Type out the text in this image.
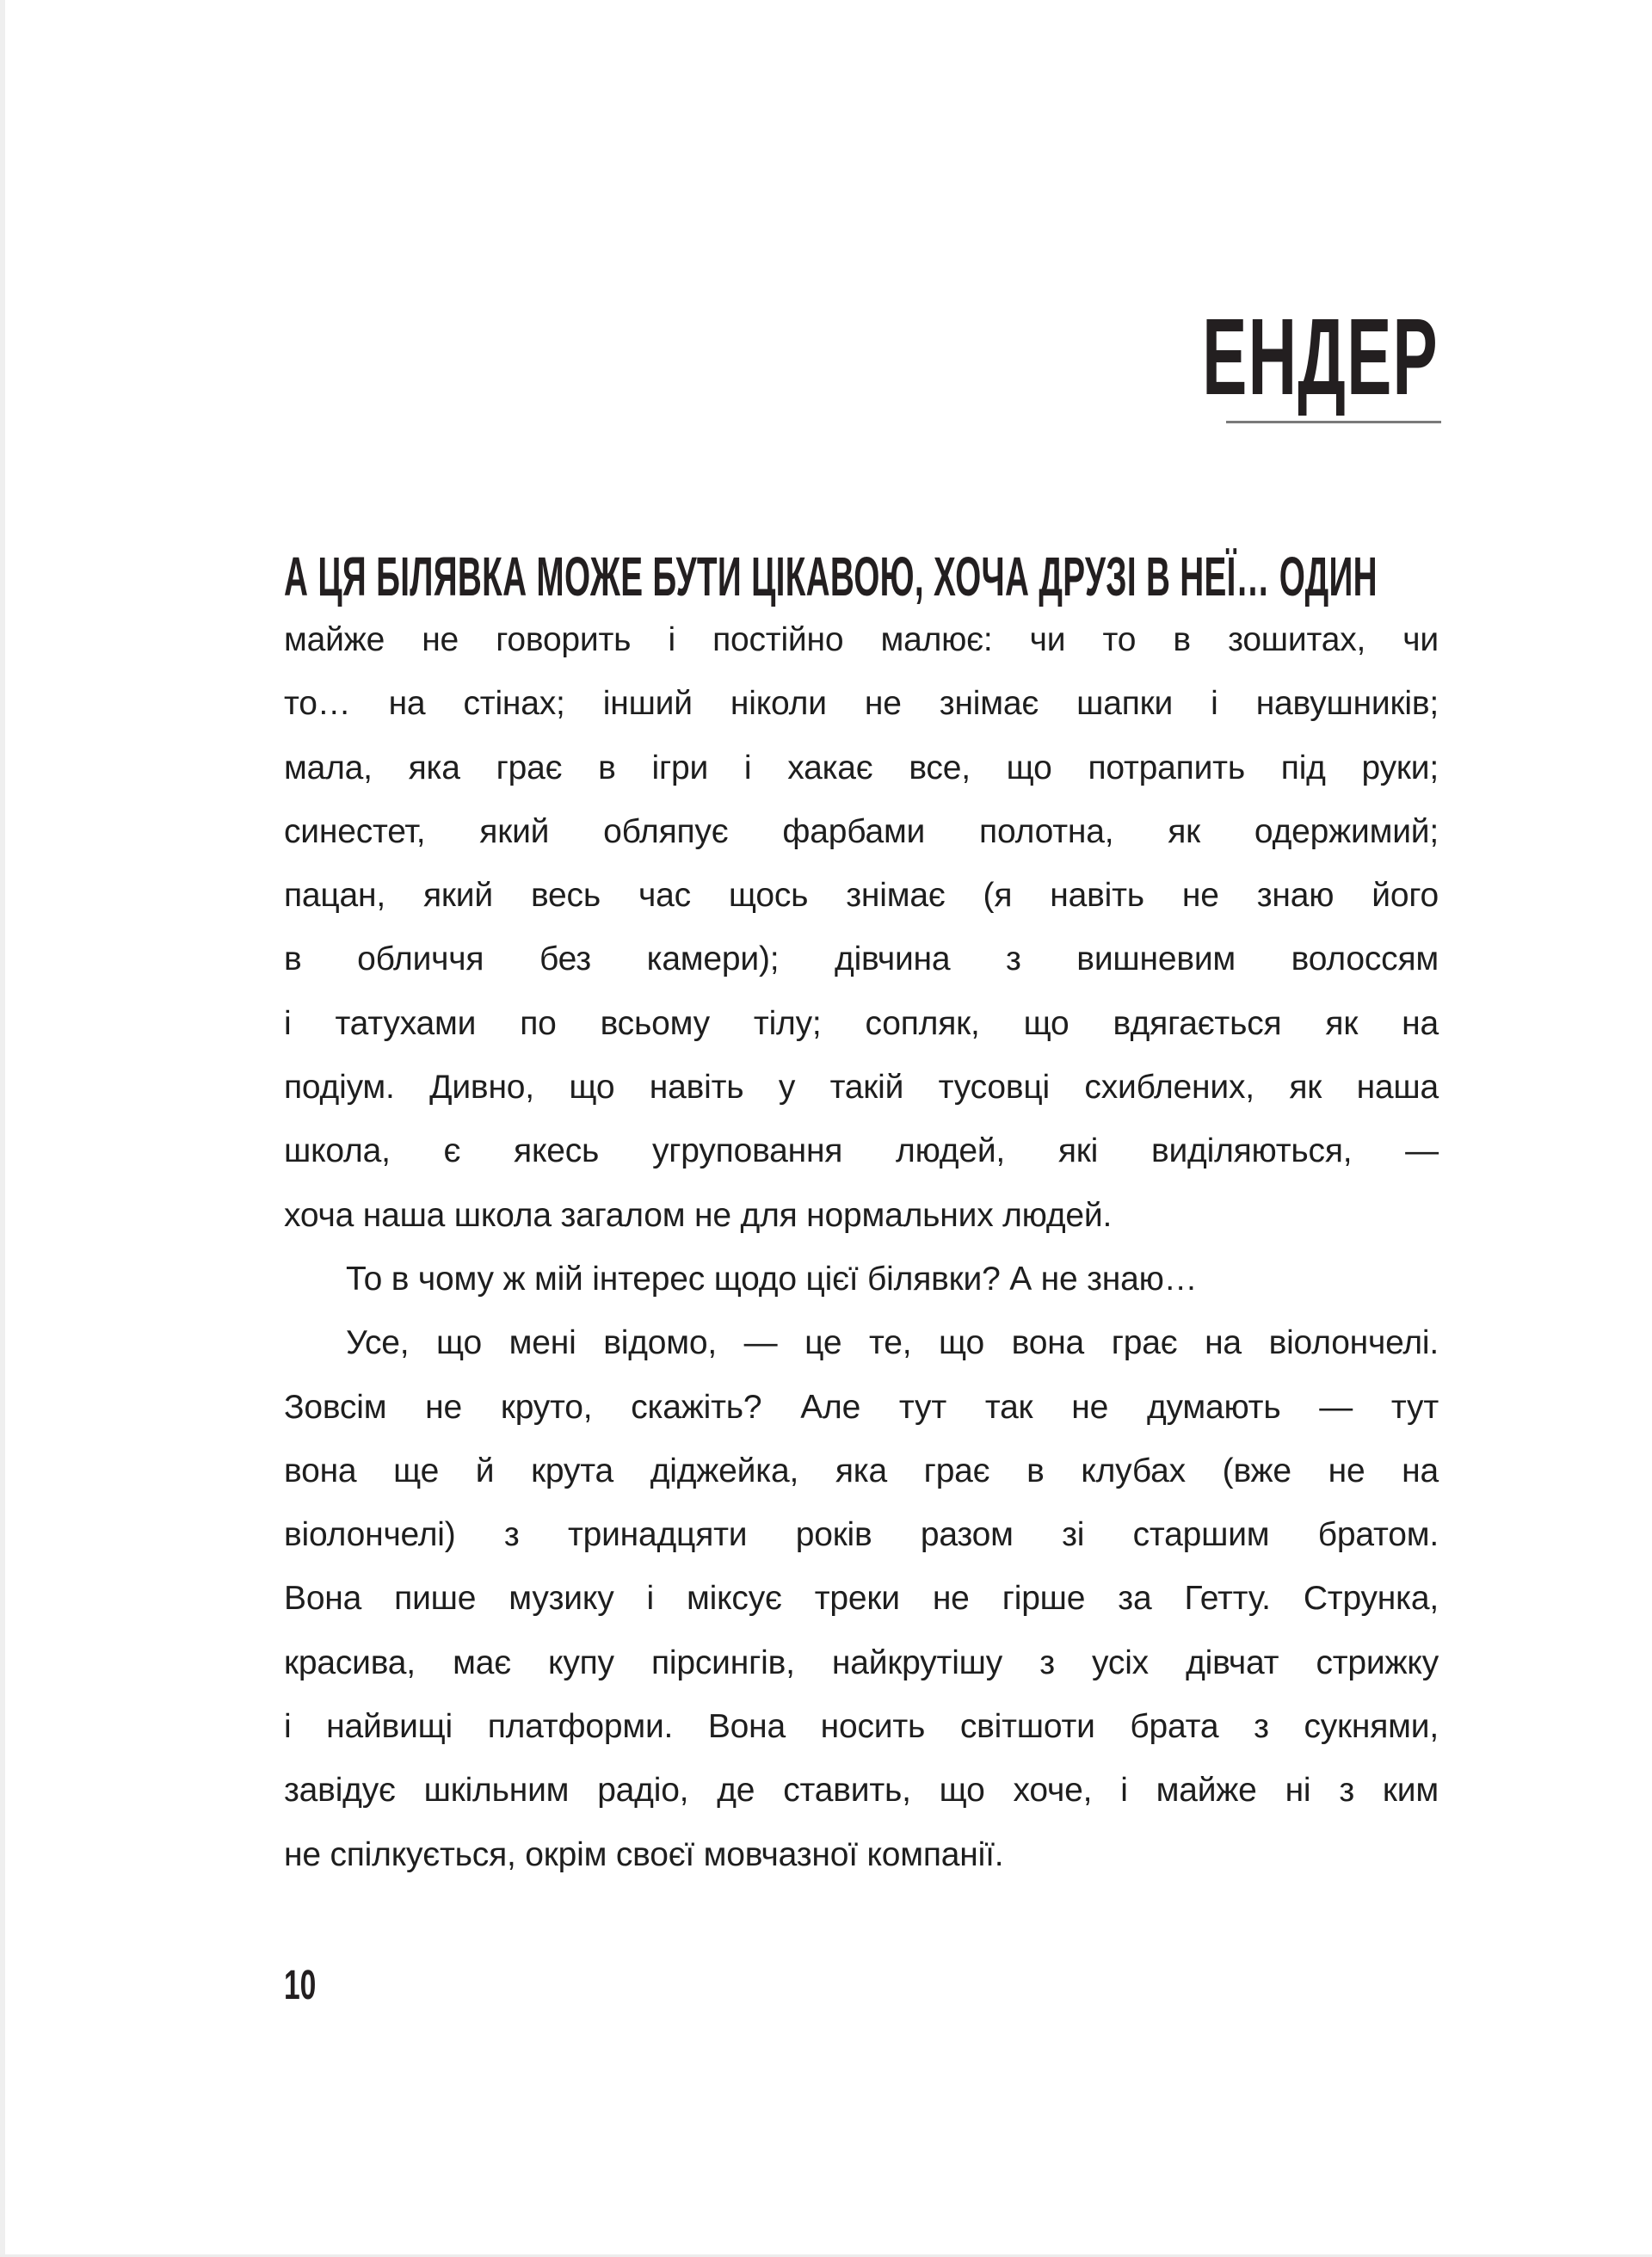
ЕНДЕР
А ЦЯ БІЛЯВКА МОЖЕ БУТИ ЦІКАВОЮ, ХОЧА ДРУЗІ В НЕЇ… ОДИН

майже не говорить і постійно малює: чи то в зошитах, чи
то… на стінах; інший ніколи не знімає шапки і навушників;
мала, яка грає в ігри і хакає все, що потрапить під руки;
синестет, який обляпує фарбами полотна, як одержимий;
пацан, який весь час щось знімає (я навіть не знаю його
в обличчя без камери); дівчина з вишневим волоссям
і татухами по всьому тілу; сопляк, що вдягається як на
подіум. Дивно, що навіть у такій тусовці схиблених, як наша
школа, є якесь угруповання людей, які виділяються, —
хоча наша школа загалом не для нормальних людей.

То в чому ж мій інтерес щодо цієї білявки? А не знаю…

Усе, що мені відомо, — це те, що вона грає на віолончелі.
Зовсім не круто, скажіть? Але тут так не думають — тут
вона ще й крута діджейка, яка грає в клубах (вже не на
віолончелі) з тринадцяти років разом зі старшим братом.
Вона пише музику і міксує треки не гірше за Гетту. Струнка,
красива, має купу пірсингів, найкрутішу з усіх дівчат стрижку
і найвищі платформи. Вона носить світшоти брата з сукнями,
завідує шкільним радіо, де ставить, що хоче, і майже ні з ким
не спілкується, окрім своєї мовчазної компанії.

10
